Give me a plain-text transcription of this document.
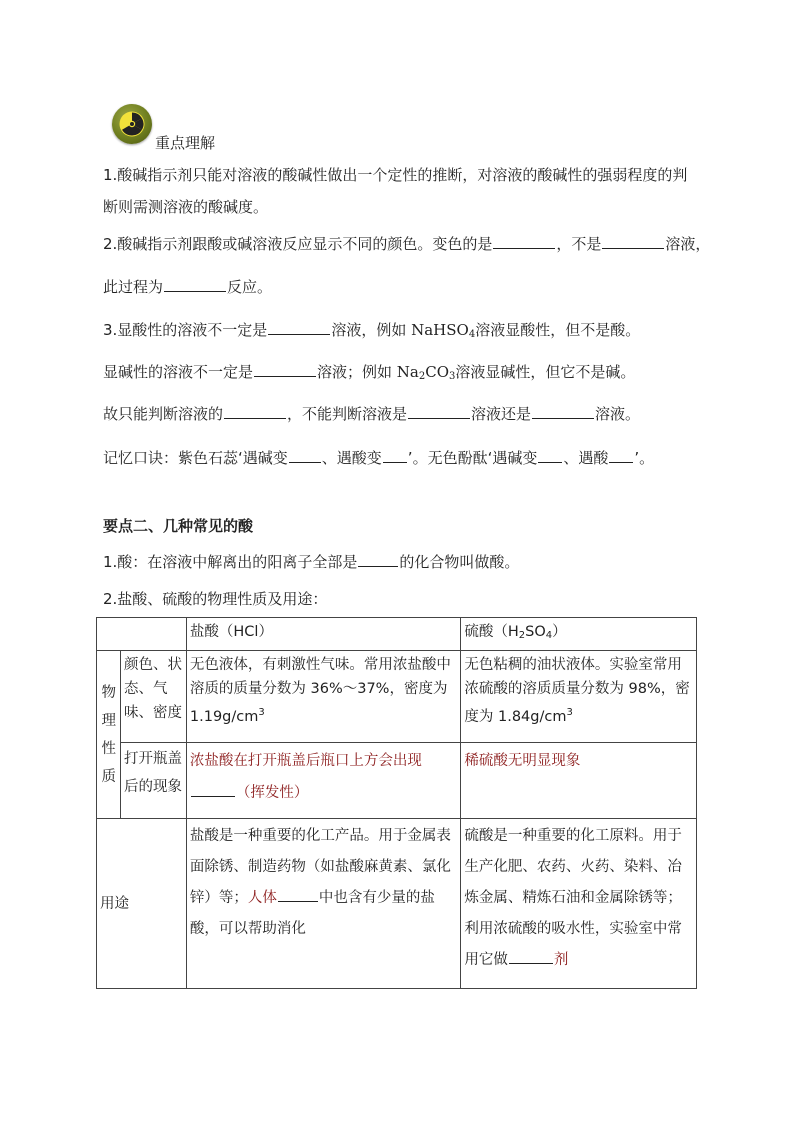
重点理解
1.酸碱指示剂只能对溶液的酸碱性做出一个定性的推断，对溶液的酸碱性的强弱程度的判
断则需测溶液的酸碱度。
2.酸碱指示剂跟酸或碱溶液反应显示不同的颜色。变色的是	，不是	溶液，
此过程为	反应。
3.显酸性的溶液不一定是	溶液，例如 NaHSO$_4$溶液显酸性，但不是酸。
显碱性的溶液不一定是	溶液；例如 $Na_2CO_3$溶液显碱性，但它不是碱。
故只能判断溶液的	，不能判断溶液是	溶液还是	溶液。
记忆口诀：紫色石蕊‘遇碱变 、遇酸变 ’。无色酚酞‘遇碱变 、遇酸 ’。
要点二、几种常见的酸
1.酸：在溶液中解离出的阳离子全部是	的化合物叫做酸。
2.盐酸、硫酸的物理性质及用途：
		盐酸（HCl）	硫酸$(H_2SO_4)$

物理性质	颜色、状态、气味、密度	无色液体，有刺激性气味。常用浓盐酸中溶质的质量分数为 36%～37%，密度为 $1.19g/cm^3$	无色粘稠的油状液体。实验室常用浓硫酸的溶质质量分数为 98%，密度为 $1.84g/cm^3$
	打开瓶盖后的现象	浓盐酸在打开瓶盖后瓶口上方会出现
（挥发性）	稀硫酸无明显现象
用途		盐酸是一种重要的化工产品。用于金属表面除锈、制造药物（如盐酸麻黄素、氯化锌）等；人体 中也含有少量的盐酸，可以帮助消化	硫酸是一种重要的化工原料。用于生产化肥、农药、火药、染料、冶炼金属、精炼石油和金属除锈等；利用浓硫酸的吸水性，实验室中常用它做 剂
